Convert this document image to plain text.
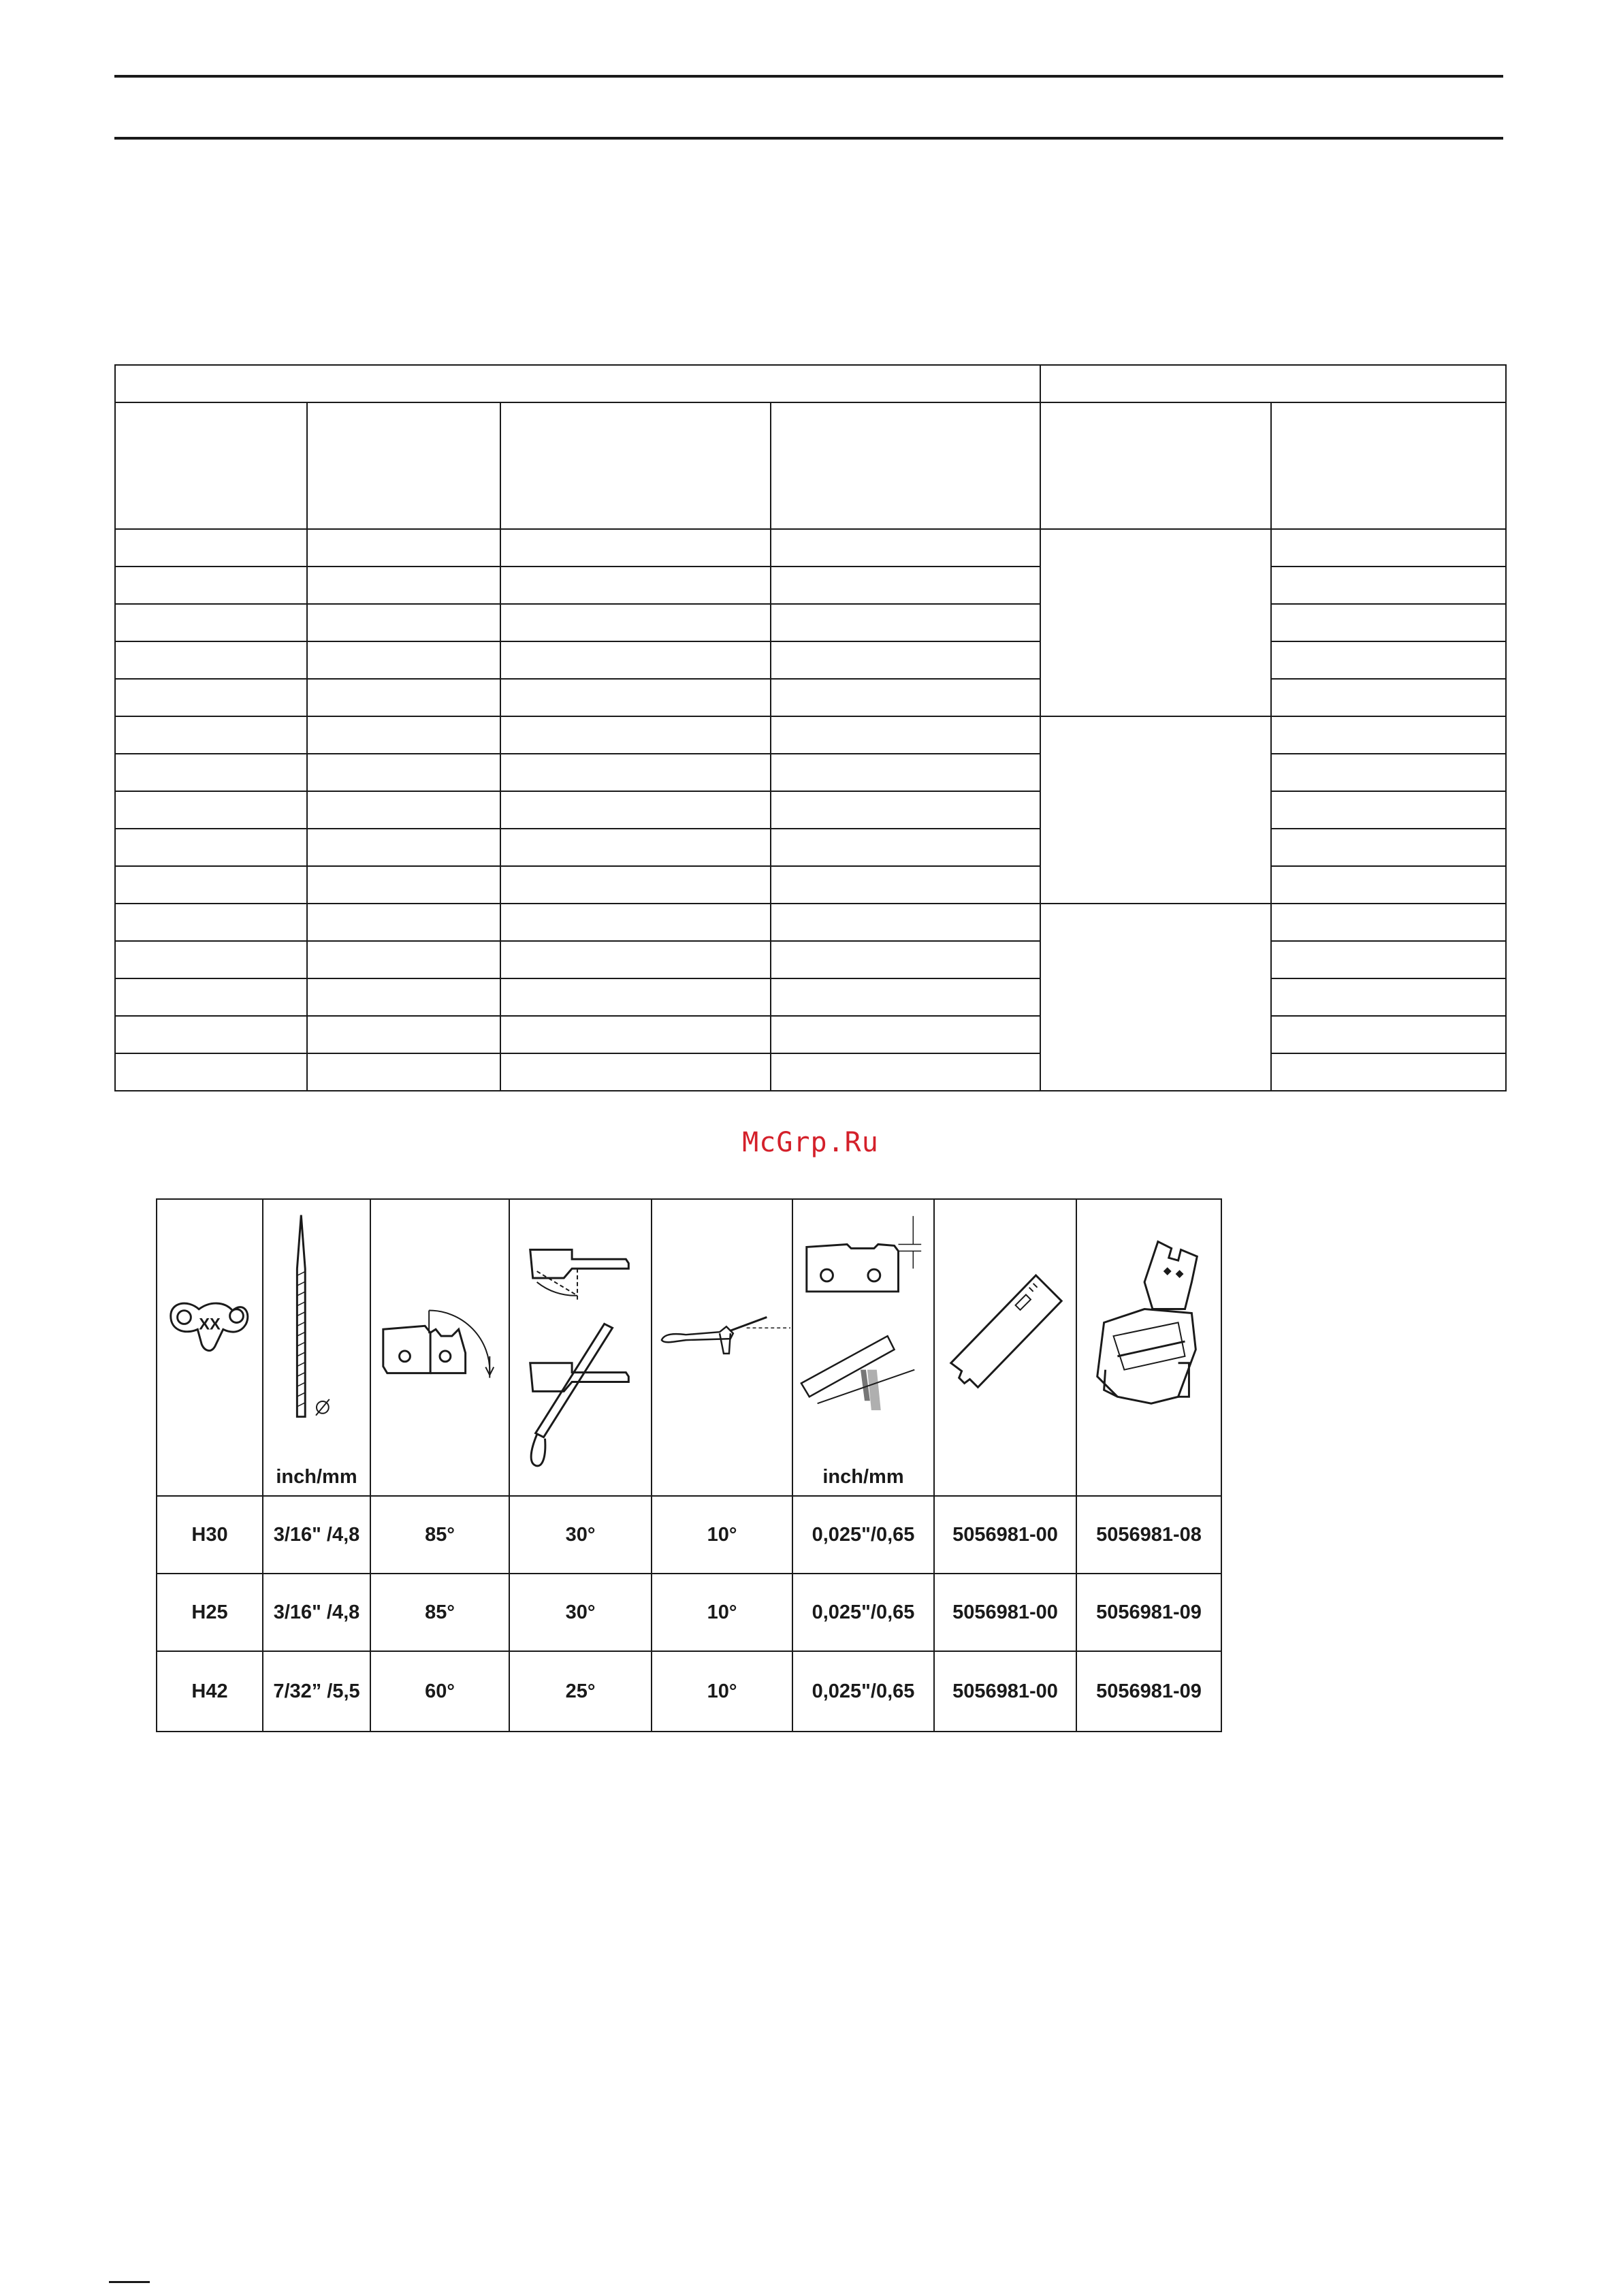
McGrp.Ru
XX	inch/mm				inch/mm

H30	3/16" /4,8	85°	30°	10°	0,025"/0,65	5056981-00	5056981-08
H25	3/16" /4,8	85°	30°	10°	0,025"/0,65	5056981-00	5056981-09
H42	7/32” /5,5	60°	25°	10°	0,025"/0,65	5056981-00	5056981-09
